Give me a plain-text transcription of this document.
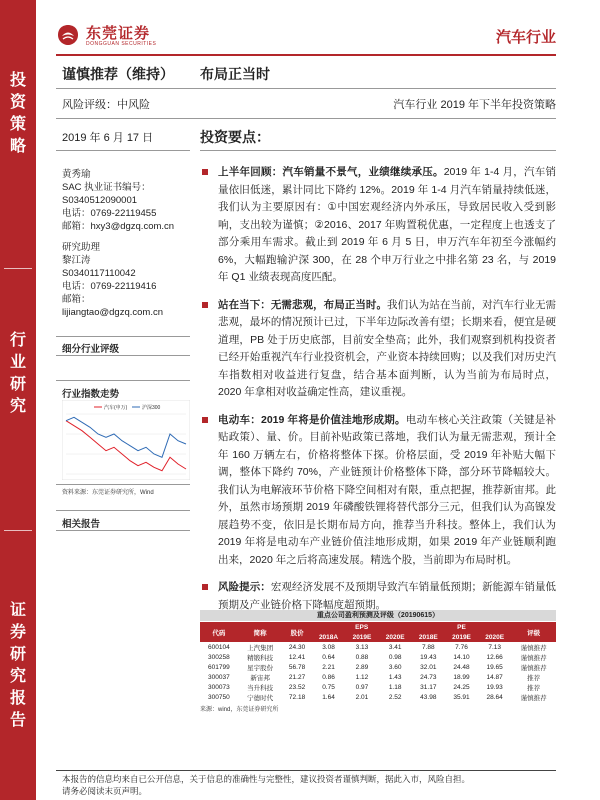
投
资
策
略
行
业
研
究
证
券
研
究
报
告
东莞证券
DONGGUAN SECURITIES	汽车行业
谨慎推荐（维持） 布局正当时
风险评级：中风险	汽车行业 2019 年下半年投资策略
2019 年 6 月 17 日	投资要点：
黄秀瑜
SAC 执业证书编号：
S0340512090001
电话：0769-22119455
邮箱：hxy3@dgzq.com.cn
研究助理
黎江涛
S0340117110042
电话：0769-22119416
邮箱：
lijiangtao@dgzq.com.cn
细分行业评级
行业指数走势
汽车(申万)	沪深300
资料来源：东莞证券研究所，Wind
相关报告
上半年回顾：汽车销量不景气，业绩继续承压。2019 年 1-4 月，汽车销量依旧低迷，累计同比下降约 12%。2019 年 1-4 月汽车销量持续低迷，我们认为主要原因有：①中国宏观经济内外承压，导致居民收入受到影响，支出较为谨慎；②2016、2017 年购置税优惠，一定程度上也透支了部分乘用车需求。截止到 2019 年 6 月 5 日，申万汽车年初至今涨幅约 6%，大幅跑输沪深 300，在 28 个申万行业之中排名第 23 名，与 2019 年 Q1 业绩表现高度匹配。
站在当下：无需悲观，布局正当时。我们认为站在当前，对汽车行业无需悲观，最坏的情况预计已过，下半年边际改善有望；长期来看，便宜是硬道理，PB 处于历史底部，目前安全垫高；此外，我们观察到机构投资者已经开始重视汽车行业投资机会，产业资本持续回购；以及我们对历史汽车指数相对收益进行复盘，结合基本面判断，认为当前为布局时点，2020 年拿相对收益确定性高，建议重视。
电动车：2019 年将是价值洼地形成期。电动车核心关注政策（关键是补贴政策）、量、价。目前补贴政策已落地，我们认为量无需悲观，预计全年 160 万辆左右，价格将整体下探。价格层面，受 2019 年补贴大幅下调，整体下降约 70%，产业链预计价格整体下降，部分环节降幅较大。我们认为电解液环节价格下降空间相对有限，重点把握，推荐新宙邦。此外，虽然市场预期 2019 年磷酸铁锂将替代部分三元，但我们认为高镍发展趋势不变，依旧是长期布局方向，推荐当升科技。整体上，我们认为 2019 年将是电动车产业链价值洼地形成期，如果 2019 年产业链顺利跑出来，2020 年之后将高速发展。精选个股，当前即为布局时机。
风险提示：宏观经济发展不及预期导致汽车销量低预期；新能源车销量低预期及产业链价格下降幅度超预期。
重点公司盈利预测及评级（20190615）
代码	简称	股价	EPS			PE			评级
			2018A	2019E	2020E	2018E	2019E	2020E	
600104	上汽集团	24.30	3.08	3.13	3.41	7.88	7.76	7.13	谨慎推荐
300258	精锻科技	12.41	0.64	0.88	0.98	19.43	14.10	12.66	谨慎推荐
601799	星宇股份	56.78	2.21	2.89	3.60	32.01	24.48	19.65	谨慎推荐
300037	新宙邦	21.27	0.86	1.12	1.43	24.73	18.99	14.87	推荐
300073	当升科技	23.52	0.75	0.97	1.18	31.17	24.25	19.93	推荐
300750	宁德时代	72.18	1.64	2.01	2.52	43.98	35.91	28.64	谨慎推荐
来源：wind，东莞证券研究所
本报告的信息均来自已公开信息，关于信息的准确性与完整性，建议投资者谨慎判断，据此入市，风险自担。
请务必阅读末页声明。
